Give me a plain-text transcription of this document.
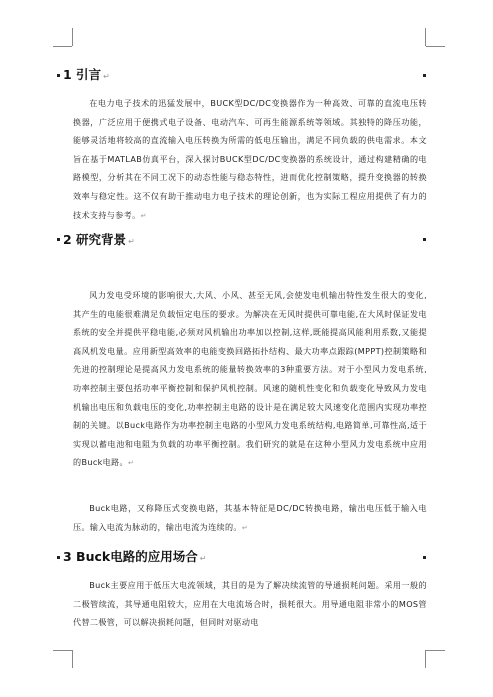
1 引言 ↵

在电力电子技术的迅猛发展中，BUCK型DC/DC变换器作为一种高效、可靠的直流电压转换器，广泛应用于便携式电子设备、电动汽车、可再生能源系统等领域。其独特的降压功能，能够灵活地将较高的直流输入电压转换为所需的低电压输出，满足不同负载的供电需求。本文旨在基于MATLAB仿真平台，深入探讨BUCK型DC/DC变换器的系统设计，通过构建精确的电路模型，分析其在不同工况下的动态性能与稳态特性，进而优化控制策略，提升变换器的转换效率与稳定性。这不仅有助于推动电力电子技术的理论创新，也为实际工程应用提供了有力的技术支持与参考。↵

2 研究背景 ↵

风力发电受环境的影响很大,大风、小风、甚至无风,会使发电机输出特性发生很大的变化,其产生的电能很难满足负载恒定电压的要求。为解决在无风时提供可靠电能,在大风时保证发电系统的安全并提供平稳电能,必须对风机输出功率加以控制,这样,既能提高风能利用系数,又能提高风机发电量。应用新型高效率的电能变换回路拓扑结构、最大功率点跟踪(MPPT)控制策略和先进的控制理论是提高风力发电系统的能量转换效率的3种重要方法。对于小型风力发电系统,功率控制主要包括功率平衡控制和保护风机控制。风速的随机性变化和负载变化导致风力发电机输出电压和负载电压的变化,功率控制主电路的设计是在满足较大风速变化范围内实现功率控制的关键。以Buck电路作为功率控制主电路的小型风力发电系统结构,电路简单,可靠性高,适于实现以蓄电池和电阻为负载的功率平衡控制。我们研究的就是在这种小型风力发电系统中应用的Buck电路。↵

Buck电路，又称降压式变换电路，其基本特征是DC/DC转换电路，输出电压低于输入电压。输入电流为脉动的，输出电流为连续的。↵

3 Buck电路的应用场合 ↵

Buck主要应用于低压大电流领域，其目的是为了解决续流管的导通损耗问题。采用一般的二极管续流，其导通电阻较大，应用在大电流场合时，损耗很大。用导通电阻非常小的MOS管代替二极管，可以解决损耗问题，但同时对驱动电
